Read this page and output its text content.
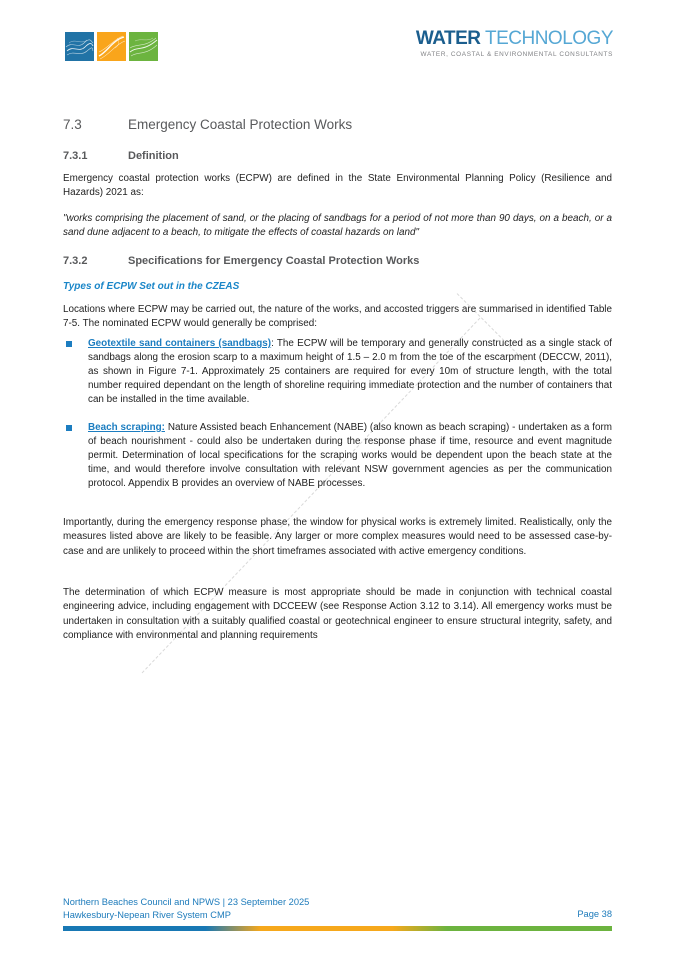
WATER TECHNOLOGY
WATER, COASTAL & ENVIRONMENTAL CONSULTANTS
7.3	Emergency Coastal Protection Works
7.3.1	Definition
Emergency coastal protection works (ECPW) are defined in the State Environmental Planning Policy (Resilience and Hazards) 2021 as:
"works comprising the placement of sand, or the placing of sandbags for a period of not more than 90 days, on a beach, or a sand dune adjacent to a beach, to mitigate the effects of coastal hazards on land"
7.3.2	Specifications for Emergency Coastal Protection Works
Types of ECPW Set out in the CZEAS
Locations where ECPW may be carried out, the nature of the works, and accosted triggers are summarised in identified Table 7-5. The nominated ECPW would generally be comprised:
Geotextile sand containers (sandbags): The ECPW will be temporary and generally constructed as a single stack of sandbags along the erosion scarp to a maximum height of 1.5 – 2.0 m from the toe of the escarpment (DECCW, 2011), as shown in Figure 7-1. Approximately 25 containers are required for every 10m of structure length, with the total number required dependant on the length of shoreline requiring immediate protection and the number of containers that can be installed in the time available.
Beach scraping: Nature Assisted beach Enhancement (NABE) (also known as beach scraping) - undertaken as a form of beach nourishment - could also be undertaken during the response phase if time, resource and event magnitude permit. Determination of local specifications for the scraping works would be dependent upon the beach state at the time, and would therefore involve consultation with relevant NSW government agencies as per the communication protocol. Appendix B provides an overview of NABE processes.
Importantly, during the emergency response phase, the window for physical works is extremely limited. Realistically, only the measures listed above are likely to be feasible. Any larger or more complex measures would need to be assessed case-by-case and are unlikely to proceed within the short timeframes associated with active emergency conditions.
The determination of which ECPW measure is most appropriate should be made in conjunction with technical coastal engineering advice, including engagement with DCCEEW (see Response Action 3.12 to 3.14). All emergency works must be undertaken in consultation with a suitably qualified coastal or geotechnical engineer to ensure structural integrity, safety, and compliance with environmental and planning requirements
Northern Beaches Council and NPWS | 23 September 2025
Hawkesbury-Nepean River System CMP	Page 38
